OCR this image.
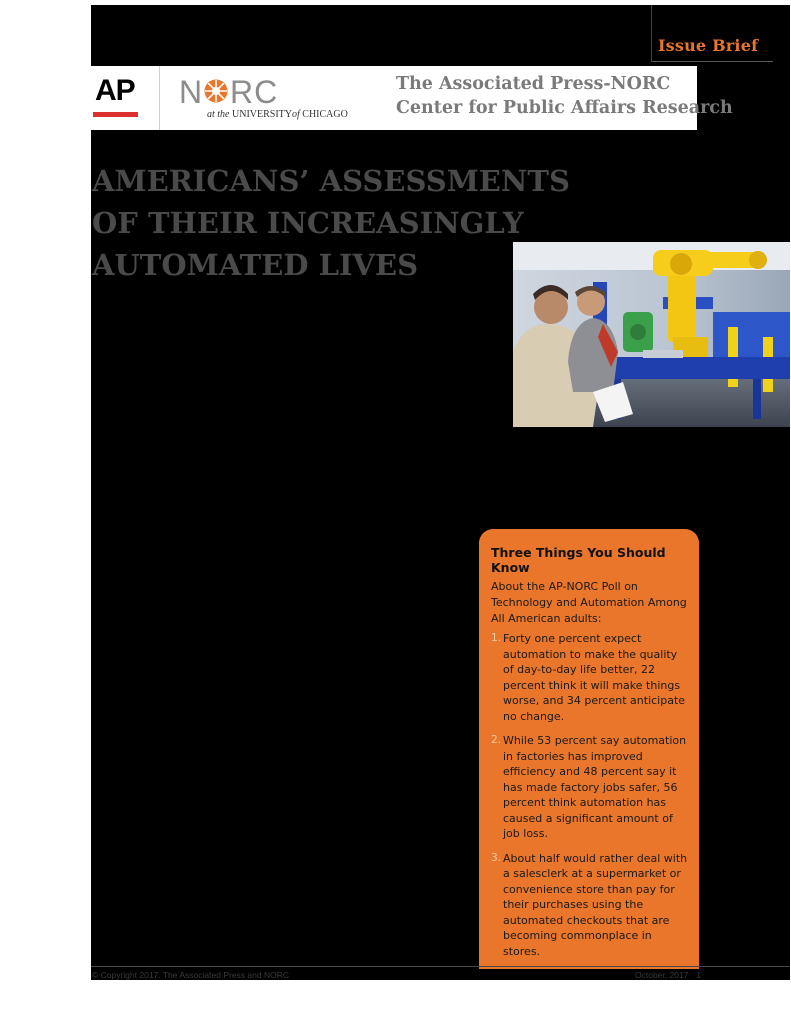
Issue Brief
AP N RC
at the UNIVERSITYof CHICAGO
The Associated Press-NORC
Center for Public Affairs Research
AMERICANS’ ASSESSMENTS
OF THEIR INCREASINGLY
AUTOMATED LIVES
Three Things You Should Know

About the AP-NORC Poll on Technology and Automation Among All American adults:

1. Forty one percent expect automation to make the quality of day-to-day life better, 22 percent think it will make things worse, and 34 percent anticipate no change.
2. While 53 percent say automation in factories has improved efficiency and 48 percent say it has made factory jobs safer, 56 percent think automation has caused a significant amount of job loss.
3. About half would rather deal with a salesclerk at a supermarket or convenience store than pay for their purchases using the automated checkouts that are becoming commonplace in stores.
© Copyright 2017. The Associated Press and NORC	October, 2017 1
